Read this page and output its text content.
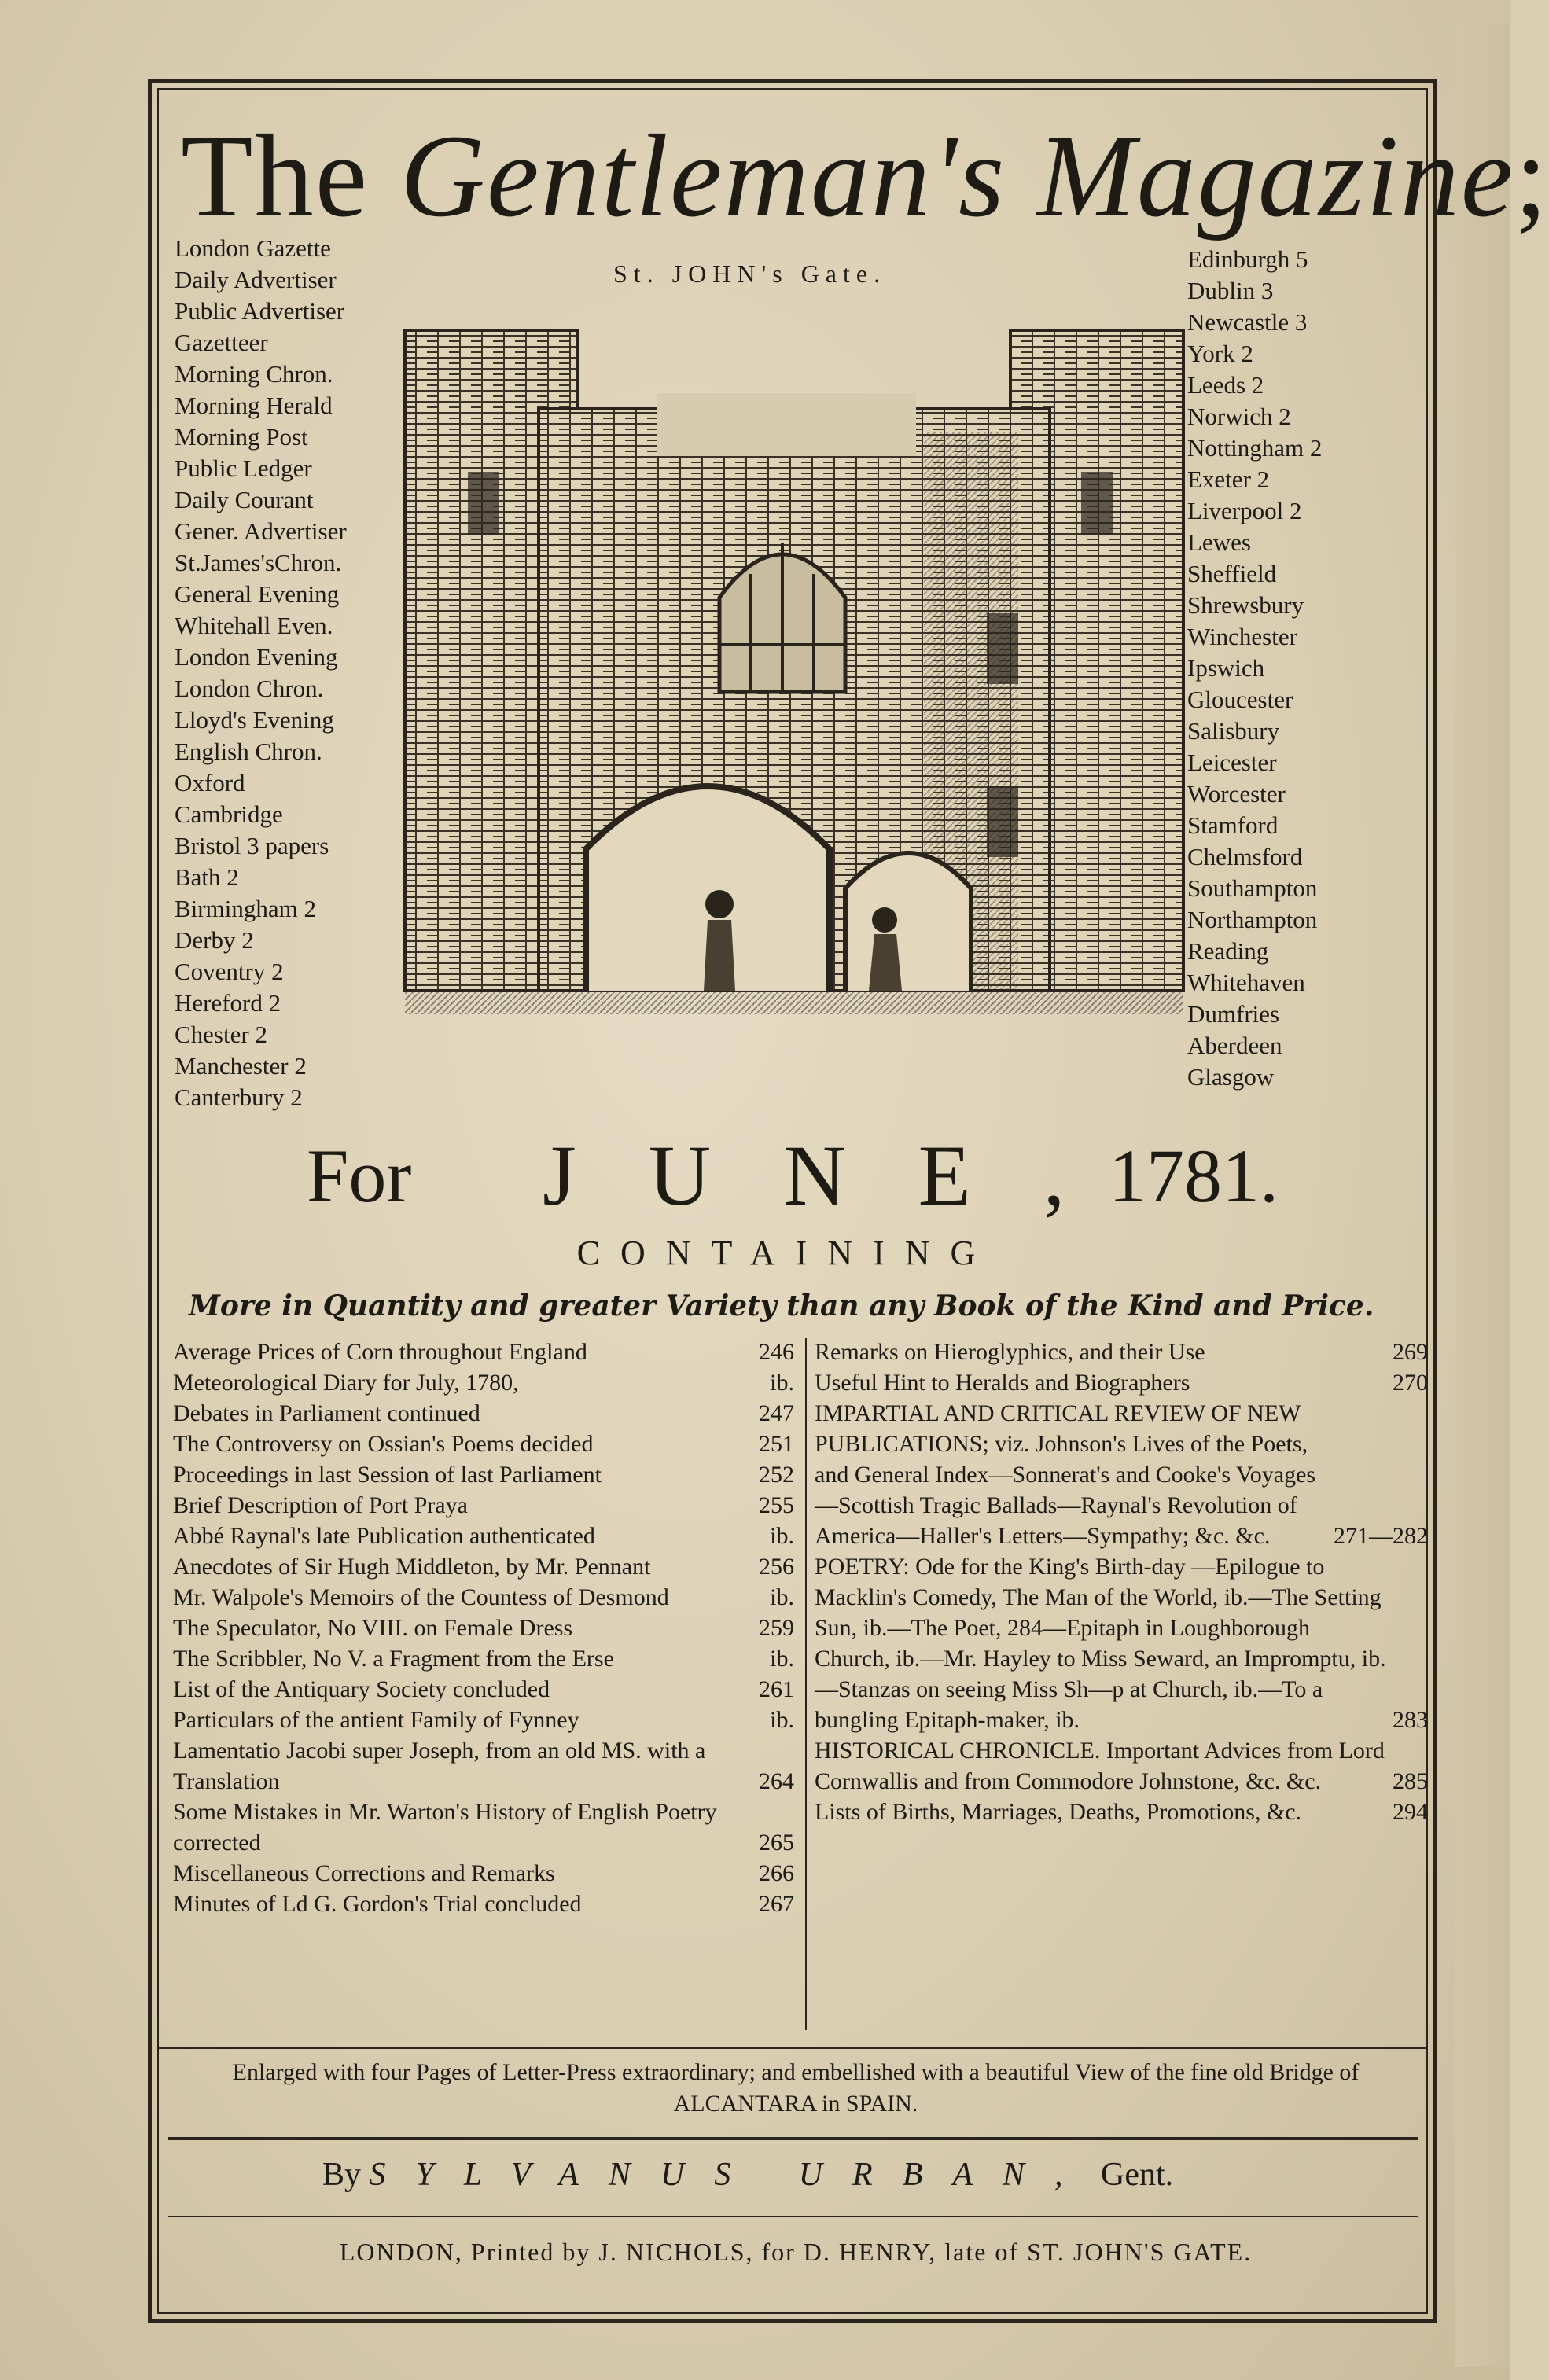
The Gentleman's Magazine;
St. JOHN's Gate.
London Gazette
Daily Advertiser
Public Advertiser
Gazetteer
Morning Chron.
Morning Herald
Morning Post
Public Ledger
Daily Courant
Gener. Advertiser
St.James'sChron.
General Evening
Whitehall Even.
London Evening
London Chron.
Lloyd's Evening
English Chron.
Oxford
Cambridge
Bristol 3 papers
Bath 2
Birmingham 2
Derby 2
Coventry 2
Hereford 2
Chester 2
Manchester 2
Canterbury 2
Edinburgh 5
Dublin 3
Newcastle 3
York 2
Leeds 2
Norwich 2
Nottingham 2
Exeter 2
Liverpool 2
Lewes
Sheffield
Shrewsbury
Winchester
Ipswich
Gloucester
Salisbury
Leicester
Worcester
Stamford
Chelmsford
Southampton
Northampton
Reading
Whitehaven
Dumfries
Aberdeen
Glasgow
For JUNE,
1781.
CONTAINING
More in Quantity and greater Variety than any Book of the Kind and Price.
Average Prices of Corn throughout England	246
Meteorological Diary for July, 1780,	ib.
Debates in Parliament continued	247
The Controversy on Ossian's Poems decided	251
Proceedings in last Session of last Parliament	252
Brief Description of Port Praya	255
Abbé Raynal's late Publication authenticated	ib.
Anecdotes of Sir Hugh Middleton, by Mr. Pennant	256
Mr. Walpole's Memoirs of the Countess of Desmond	ib.
The Speculator, No VIII. on Female Dress	259
The Scribbler, No V. a Fragment from the Erse	ib.
List of the Antiquary Society concluded	261
Particulars of the antient Family of Fynney	ib.
Lamentatio Jacobi super Joseph, from an old MS. with a Translation	264
Some Mistakes in Mr. Warton's History of English Poetry corrected	265
Miscellaneous Corrections and Remarks	266
Minutes of Ld G. Gordon's Trial concluded	267
Remarks on Hieroglyphics, and their Use	269
Useful Hint to Heralds and Biographers	270
IMPARTIAL AND CRITICAL REVIEW OF NEW PUBLICATIONS; viz. Johnson's Lives of the Poets, and General Index—Sonnerat's and Cooke's Voyages—Scottish Tragic Ballads—Raynal's Revolution of America—Haller's Letters—Sympathy; &c. &c.	271—282
POETRY: Ode for the King's Birth-day —Epilogue to Macklin's Comedy, The Man of the World, ib.—The Setting Sun, ib.—The Poet, 284—Epitaph in Loughborough Church, ib.—Mr. Hayley to Miss Seward, an Impromptu, ib.—Stanzas on seeing Miss Sh—p at Church, ib.—To a bungling Epitaph-maker, ib.	283
HISTORICAL CHRONICLE. Important Advices from Lord Cornwallis and from Commodore Johnstone, &c. &c.	285
Lists of Births, Marriages, Deaths, Promotions, &c.	294
Enlarged with four Pages of Letter-Press extraordinary; and embellished with a beautiful View of the fine old Bridge of ALCANTARA in SPAIN.
By SYLVANUS URBAN, Gent.
LONDON, Printed by J. NICHOLS, for D. HENRY, late of ST. JOHN'S GATE.
